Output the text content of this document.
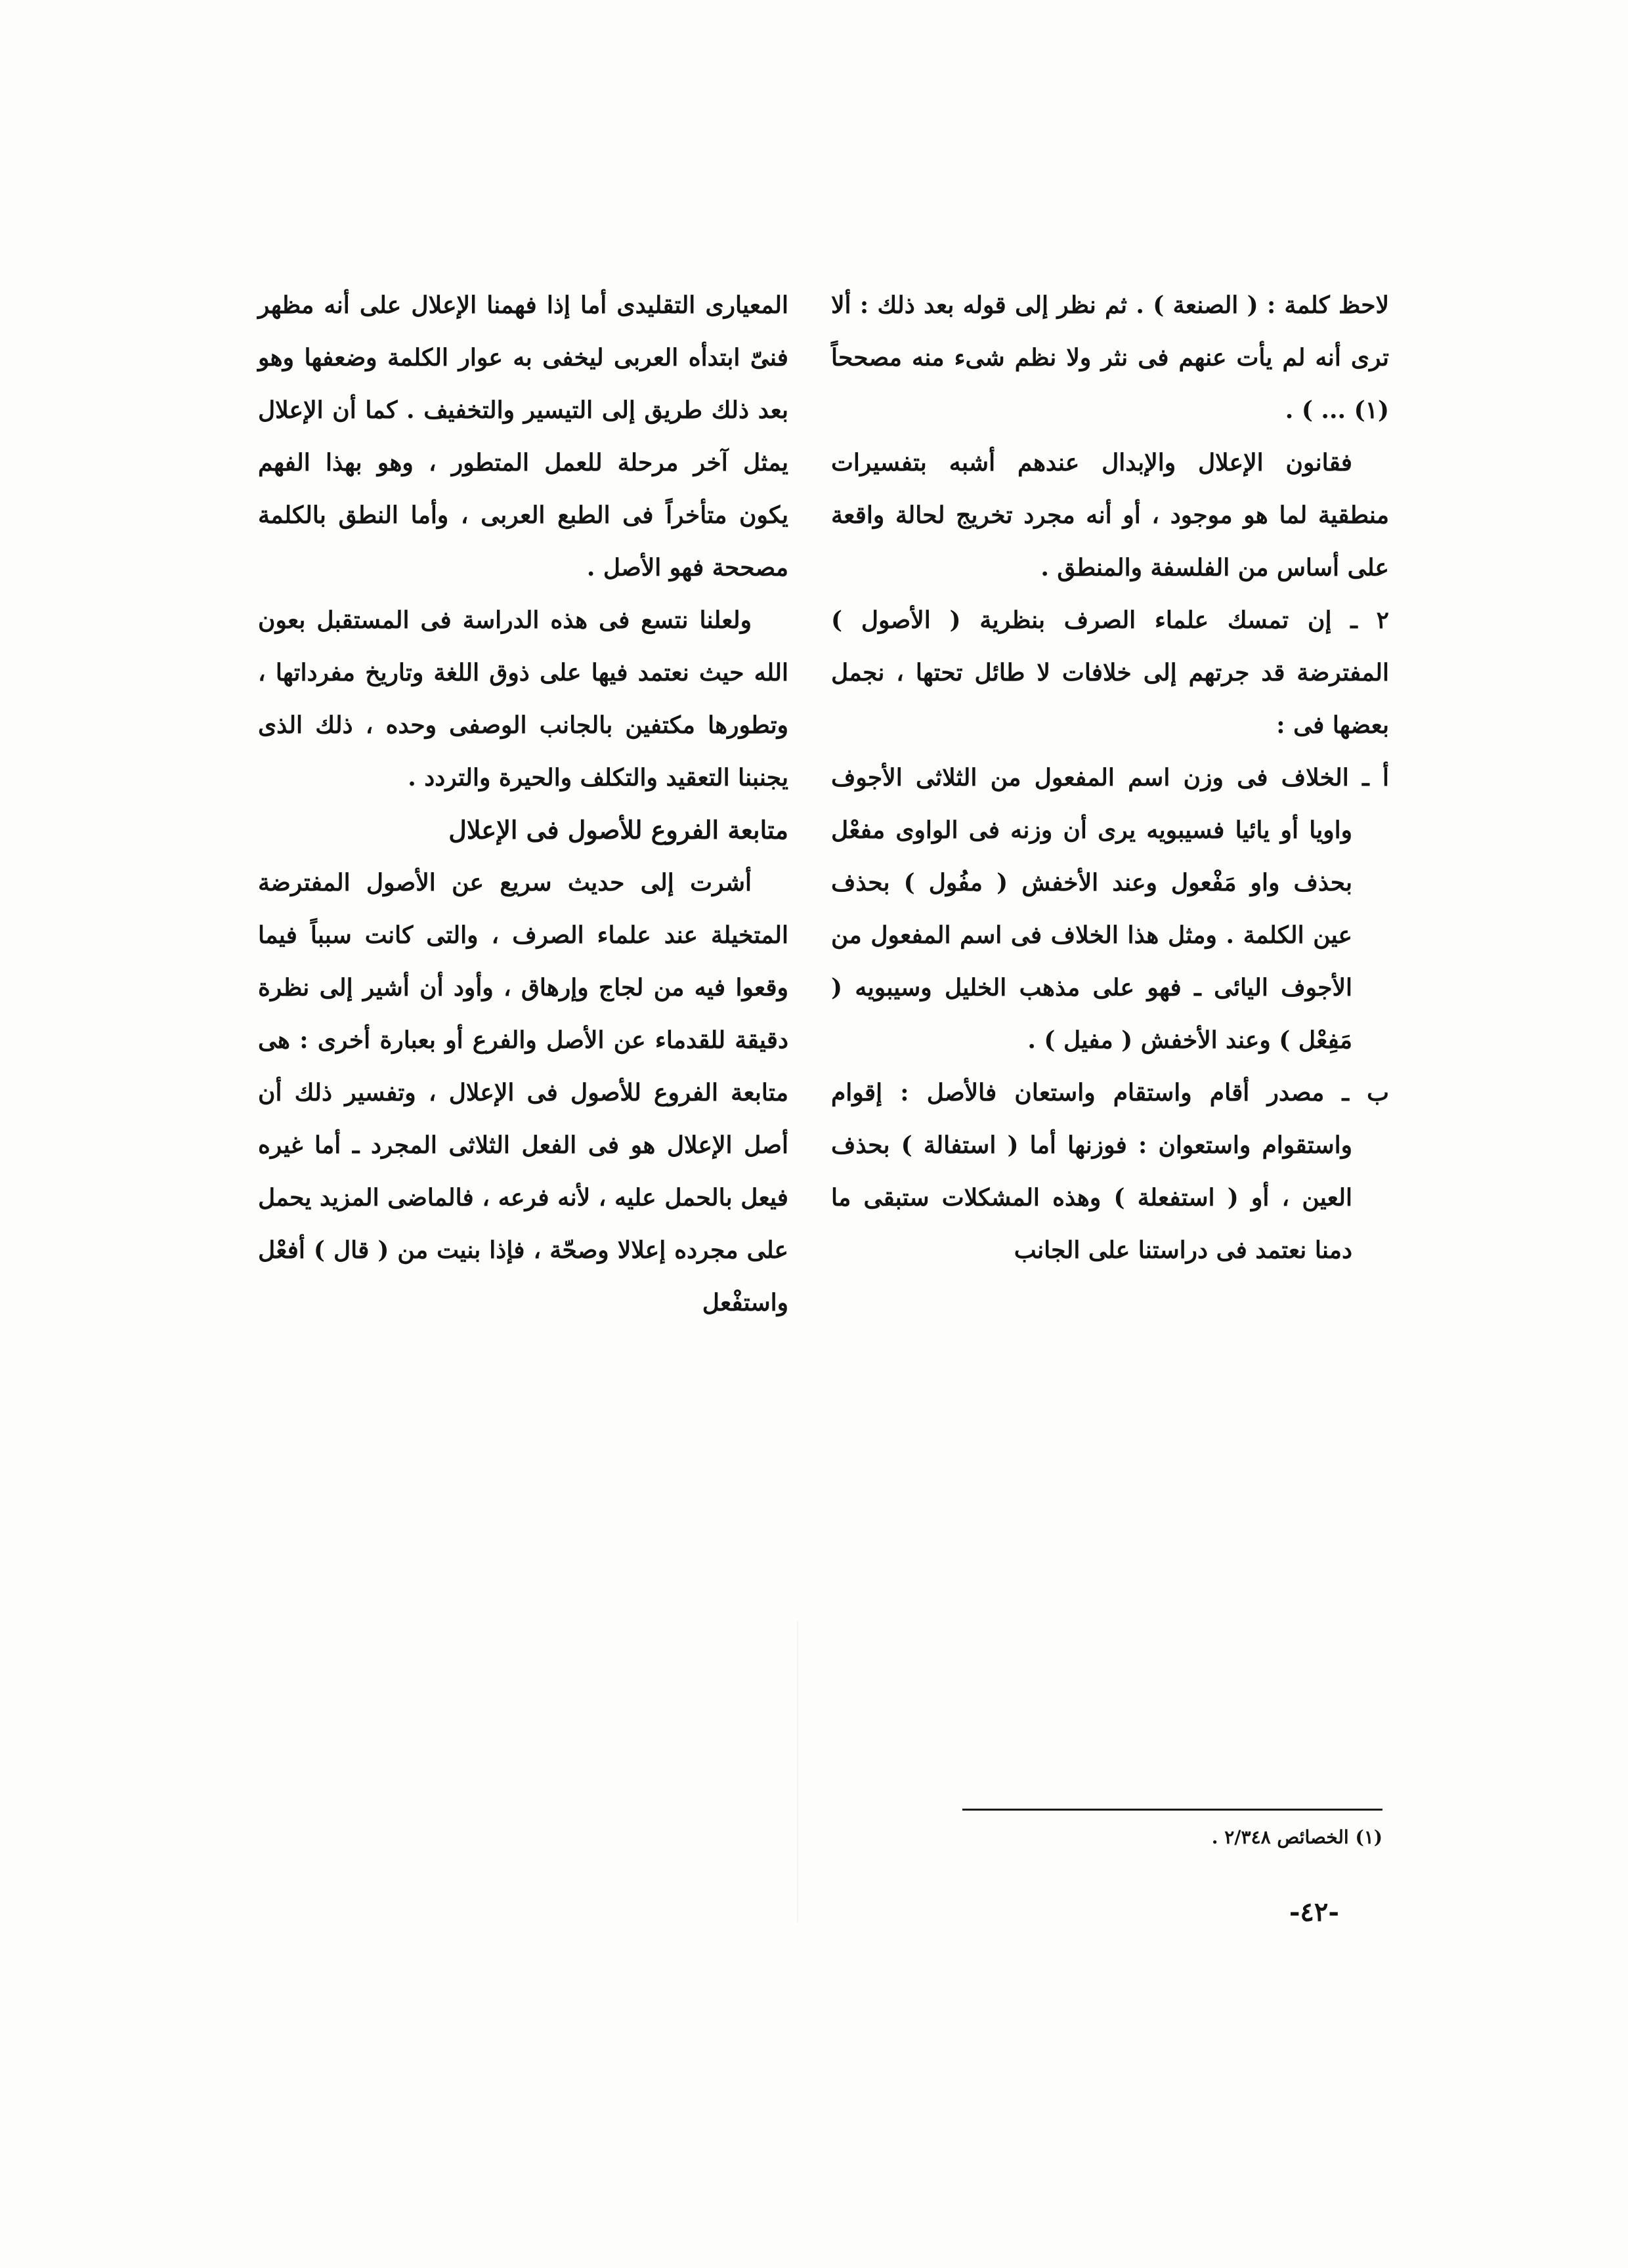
لاحظ كلمة : ( الصنعة ) . ثم نظر إلى قوله بعد ذلك : ألا ترى أنه لم يأت عنهم فى نثر ولا نظم شىء منه مصححاً (١) ... ) .

فقانون الإعلال والإبدال عندهم أشبه بتفسيرات منطقية لما هو موجود ، أو أنه مجرد تخريج لحالة واقعة على أساس من الفلسفة والمنطق .

٢ ـ إن تمسك علماء الصرف بنظرية ( الأصول ) المفترضة قد جرتهم إلى خلافات لا طائل تحتها ، نجمل بعضها فى :

أ ـ الخلاف فى وزن اسم المفعول من الثلاثى الأجوف واويا أو يائيا فسيبويه يرى أن وزنه فى الواوى مفعْل بحذف واو مَفْعول وعند الأخفش ( مفُول ) بحذف عين الكلمة . ومثل هذا الخلاف فى اسم المفعول من الأجوف اليائى ـ فهو على مذهب الخليل وسيبويه ( مَفِعْل ) وعند الأخفش ( مفيل ) .

ب ـ مصدر أقام واستقام واستعان فالأصل : إقوام واستقوام واستعوان : فوزنها أما ( استفالة ) بحذف العين ، أو ( استفعلة ) وهذه المشكلات ستبقى ما دمنا نعتمد فى دراستنا على الجانب

المعيارى التقليدى أما إذا فهمنا الإعلال على أنه مظهر فنىّ ابتدأه العربى ليخفى به عوار الكلمة وضعفها وهو بعد ذلك طريق إلى التيسير والتخفيف . كما أن الإعلال يمثل آخر مرحلة للعمل المتطور ، وهو بهذا الفهم يكون متأخراً فى الطبع العربى ، وأما النطق بالكلمة مصححة فهو الأصل .

ولعلنا نتسع فى هذه الدراسة فى المستقبل بعون الله حيث نعتمد فيها على ذوق اللغة وتاريخ مفرداتها ، وتطورها مكتفين بالجانب الوصفى وحده ، ذلك الذى يجنبنا التعقيد والتكلف والحيرة والتردد .

متابعة الفروع للأصول فى الإعلال

أشرت إلى حديث سريع عن الأصول المفترضة المتخيلة عند علماء الصرف ، والتى كانت سبباً فيما وقعوا فيه من لجاج وإرهاق ، وأود أن أشير إلى نظرة دقيقة للقدماء عن الأصل والفرع أو بعبارة أخرى : هى متابعة الفروع للأصول فى الإعلال ، وتفسير ذلك أن أصل الإعلال هو فى الفعل الثلاثى المجرد ـ أما غيره فيعل بالحمل عليه ، لأنه فرعه ، فالماضى المزيد يحمل على مجرده إعلالا وصحّة ، فإذا بنيت من ( قال ) أفعْل واستفْعل

(١) الخصائص ٢/٣٤٨ .

-٤٢-
